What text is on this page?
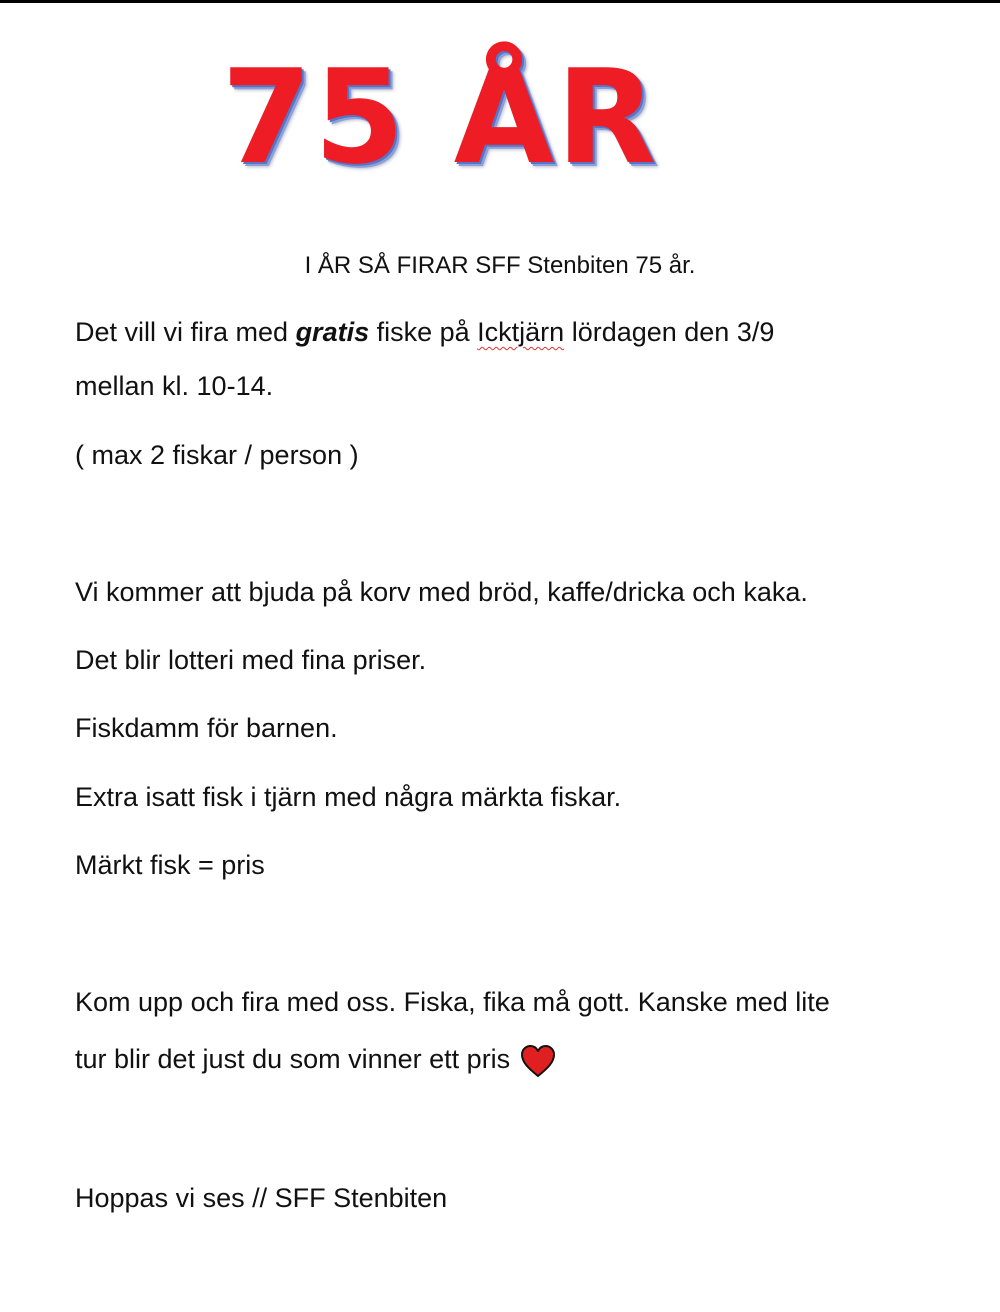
75 ÅR

I ÅR SÅ FIRAR SFF Stenbiten 75 år.

Det vill vi fira med gratis fiske på Icktjärn lördagen den 3/9

mellan kl. 10-14.

( max 2 fiskar / person )

Vi kommer att bjuda på korv med bröd, kaffe/dricka och kaka.

Det blir lotteri med fina priser.

Fiskdamm för barnen.

Extra isatt fisk i tjärn med några märkta fiskar.

Märkt fisk = pris

Kom upp och fira med oss. Fiska, fika må gott. Kanske med lite

tur blir det just du som vinner ett pris

Hoppas vi ses // SFF Stenbiten
